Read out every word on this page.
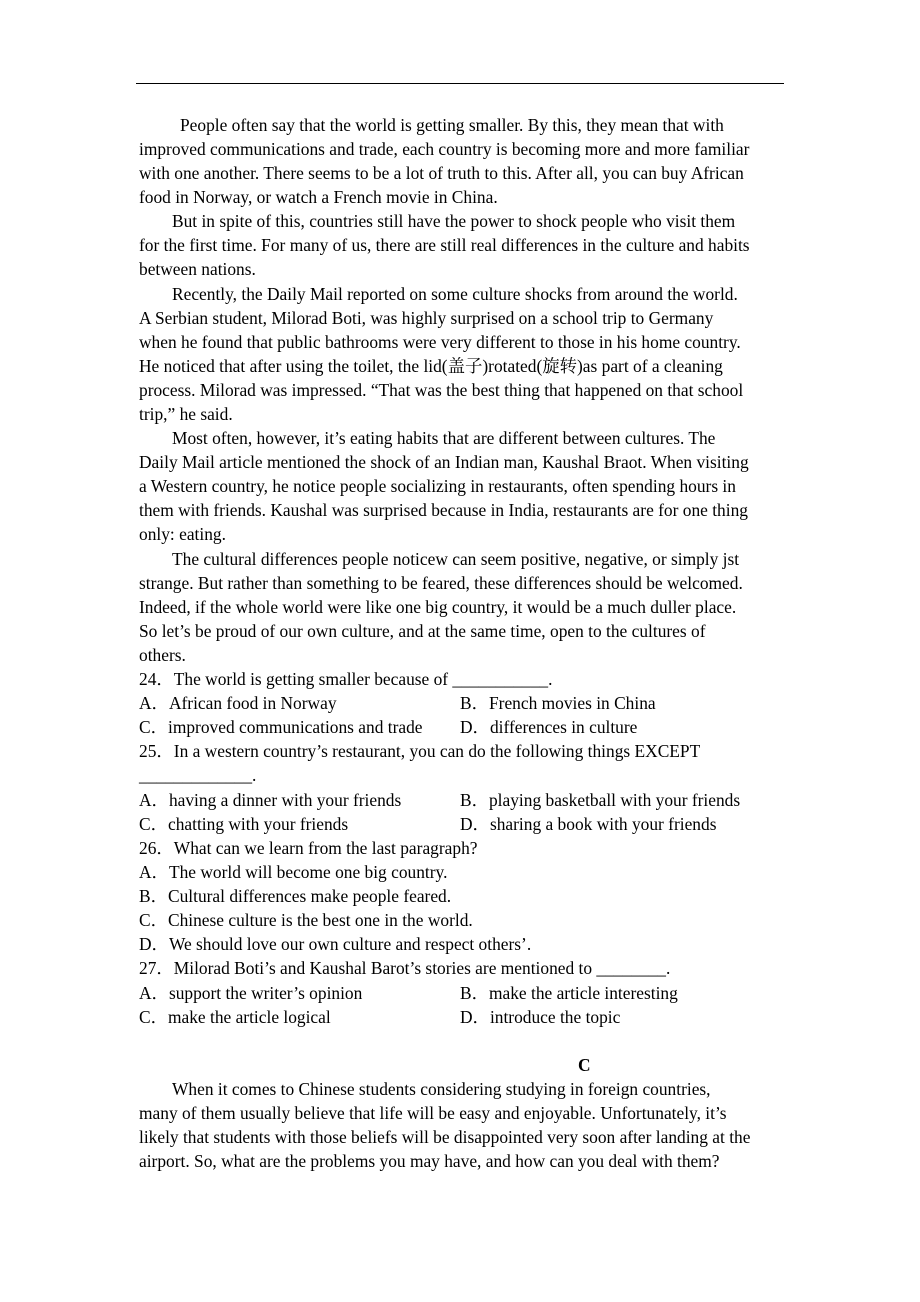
People often say that the world is getting smaller. By this, they mean that with

improved communications and trade, each country is becoming more and more familiar

with one another. There seems to be a lot of truth to this. After all, you can buy African

food in Norway, or watch a French movie in China.

But in spite of this, countries still have the power to shock people who visit them

for the first time. For many of us, there are still real differences in the culture and habits

between nations.

Recently, the Daily Mail reported on some culture shocks from around the world.

A Serbian student, Milorad Boti, was highly surprised on a school trip to Germany

when he found that public bathrooms were very different to those in his home country.

He noticed that after using the toilet, the lid(盖子)rotated(旋转)as part of a cleaning

process. Milorad was impressed. “That was the best thing that happened on that school

trip,” he said.

Most often, however, it’s eating habits that are different between cultures. The

Daily Mail article mentioned the shock of an Indian man, Kaushal Braot. When visiting

a Western country, he notice people socializing in restaurants, often spending hours in

them with friends. Kaushal was surprised because in India, restaurants are for one thing

only: eating.

The cultural differences people noticew can seem positive, negative, or simply jst

strange. But rather than something to be feared, these differences should be welcomed.

Indeed, if the whole world were like one big country, it would be a much duller place.

So let’s be proud of our own culture, and at the same time, open to the cultures of

others.

24．The world is getting smaller because of ___________.
A．African food in Norway	B．French movies in China
C．improved communications and trade D．differences in culture
25．In a western country’s restaurant, you can do the following things EXCEPT
_____________.
A．having a dinner with your friends	B．playing basketball with your friends
C．chatting with your friends	D．sharing a book with your friends
26．What can we learn from the last paragraph?
A．The world will become one big country.
B．Cultural differences make people feared.
C．Chinese culture is the best one in the world.
D．We should love our own culture and respect others’.
27．Milorad Boti’s and Kaushal Barot’s stories are mentioned to ________.
A．support the writer’s opinion	B．make the article interesting
C．make the article logical	D．introduce the topic
C

When it comes to Chinese students considering studying in foreign countries,

many of them usually believe that life will be easy and enjoyable. Unfortunately, it’s

likely that students with those beliefs will be disappointed very soon after landing at the

airport. So, what are the problems you may have, and how can you deal with them?
